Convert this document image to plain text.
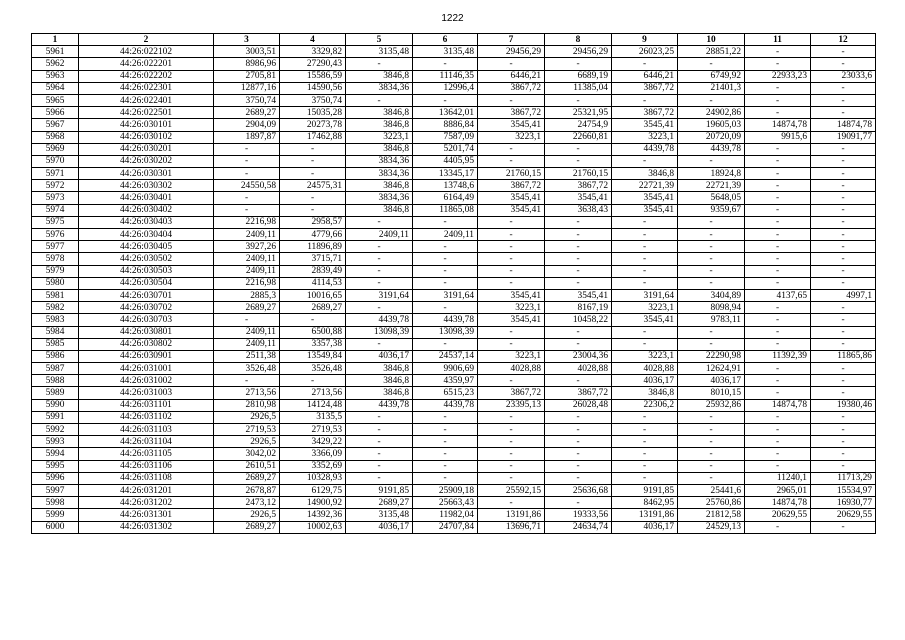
1222
1	2	3	4	5	6	7	8	9	10	11	12
5961	44:26:022102	3003,51	3329,82	3135,48	3135,48	29456,29	29456,29	26023,25	28851,22	-	-
5962	44:26:022201	8986,96	27290,43	-	-	-	-	-	-	-	-
5963	44:26:022202	2705,81	15586,59	3846,8	11146,35	6446,21	6689,19	6446,21	6749,92	22933,23	23033,6
5964	44:26:022301	12877,16	14590,56	3834,36	12996,4	3867,72	11385,04	3867,72	21401,3	-	-
5965	44:26:022401	3750,74	3750,74	-	-	-	-	-	-	-	-
5966	44:26:022501	2689,27	15035,28	3846,8	13642,01	3867,72	25321,95	3867,72	24902,86	-	-
5967	44:26:030101	2904,09	20273,78	3846,8	8886,84	3545,41	24754,9	3545,41	19605,03	14874,78	14874,78
5968	44:26:030102	1897,87	17462,88	3223,1	7587,09	3223,1	22660,81	3223,1	20720,09	9915,6	19091,77
5969	44:26:030201	-	-	3846,8	5201,74	-	-	4439,78	4439,78	-	-
5970	44:26:030202	-	-	3834,36	4405,95	-	-	-	-	-	-
5971	44:26:030301	-	-	3834,36	13345,17	21760,15	21760,15	3846,8	18924,8	-	-
5972	44:26:030302	24550,58	24575,31	3846,8	13748,6	3867,72	3867,72	22721,39	22721,39	-	-
5973	44:26:030401	-	-	3834,36	6164,49	3545,41	3545,41	3545,41	5648,05	-	-
5974	44:26:030402	-	-	3846,8	11865,08	3545,41	3638,43	3545,41	9359,67	-	-
5975	44:26:030403	2216,98	2958,57	-	-	-	-	-	-	-	-
5976	44:26:030404	2409,11	4779,66	2409,11	2409,11	-	-	-	-	-	-
5977	44:26:030405	3927,26	11896,89	-	-	-	-	-	-	-	-
5978	44:26:030502	2409,11	3715,71	-	-	-	-	-	-	-	-
5979	44:26:030503	2409,11	2839,49	-	-	-	-	-	-	-	-
5980	44:26:030504	2216,98	4114,53	-	-	-	-	-	-	-	-
5981	44:26:030701	2885,3	10016,65	3191,64	3191,64	3545,41	3545,41	3191,64	3404,89	4137,65	4997,1
5982	44:26:030702	2689,27	2689,27	-	-	3223,1	8167,19	3223,1	8098,94	-	-
5983	44:26:030703	-	-	4439,78	4439,78	3545,41	10458,22	3545,41	9783,11	-	-
5984	44:26:030801	2409,11	6500,88	13098,39	13098,39	-	-	-	-	-	-
5985	44:26:030802	2409,11	3357,38	-	-	-	-	-	-	-	-
5986	44:26:030901	2511,38	13549,84	4036,17	24537,14	3223,1	23004,36	3223,1	22290,98	11392,39	11865,86
5987	44:26:031001	3526,48	3526,48	3846,8	9906,69	4028,88	4028,88	4028,88	12624,91	-	-
5988	44:26:031002	-	-	3846,8	4359,97	-	-	4036,17	4036,17	-	-
5989	44:26:031003	2713,56	2713,56	3846,8	6515,23	3867,72	3867,72	3846,8	8010,15	-	-
5990	44:26:031101	2810,98	14124,48	4439,78	4439,78	23395,13	26028,48	22306,2	25932,86	14874,78	19380,46
5991	44:26:031102	2926,5	3135,5	-	-	-	-	-	-	-	-
5992	44:26:031103	2719,53	2719,53	-	-	-	-	-	-	-	-
5993	44:26:031104	2926,5	3429,22	-	-	-	-	-	-	-	-
5994	44:26:031105	3042,02	3366,09	-	-	-	-	-	-	-	-
5995	44:26:031106	2610,51	3352,69	-	-	-	-	-	-	-	-
5996	44:26:031108	2689,27	10328,93	-	-	-	-	-	-	11240,1	11713,29
5997	44:26:031201	2678,87	6129,75	9191,85	25909,18	25592,15	25636,68	9191,85	25441,6	2965,01	15534,97
5998	44:26:031202	2473,12	14900,92	2689,27	25663,43	-	-	8462,95	25760,86	14874,78	16930,77
5999	44:26:031301	2926,5	14392,36	3135,48	11982,04	13191,86	19333,56	13191,86	21812,58	20629,55	20629,55
6000	44:26:031302	2689,27	10002,63	4036,17	24707,84	13696,71	24634,74	4036,17	24529,13	-	-
